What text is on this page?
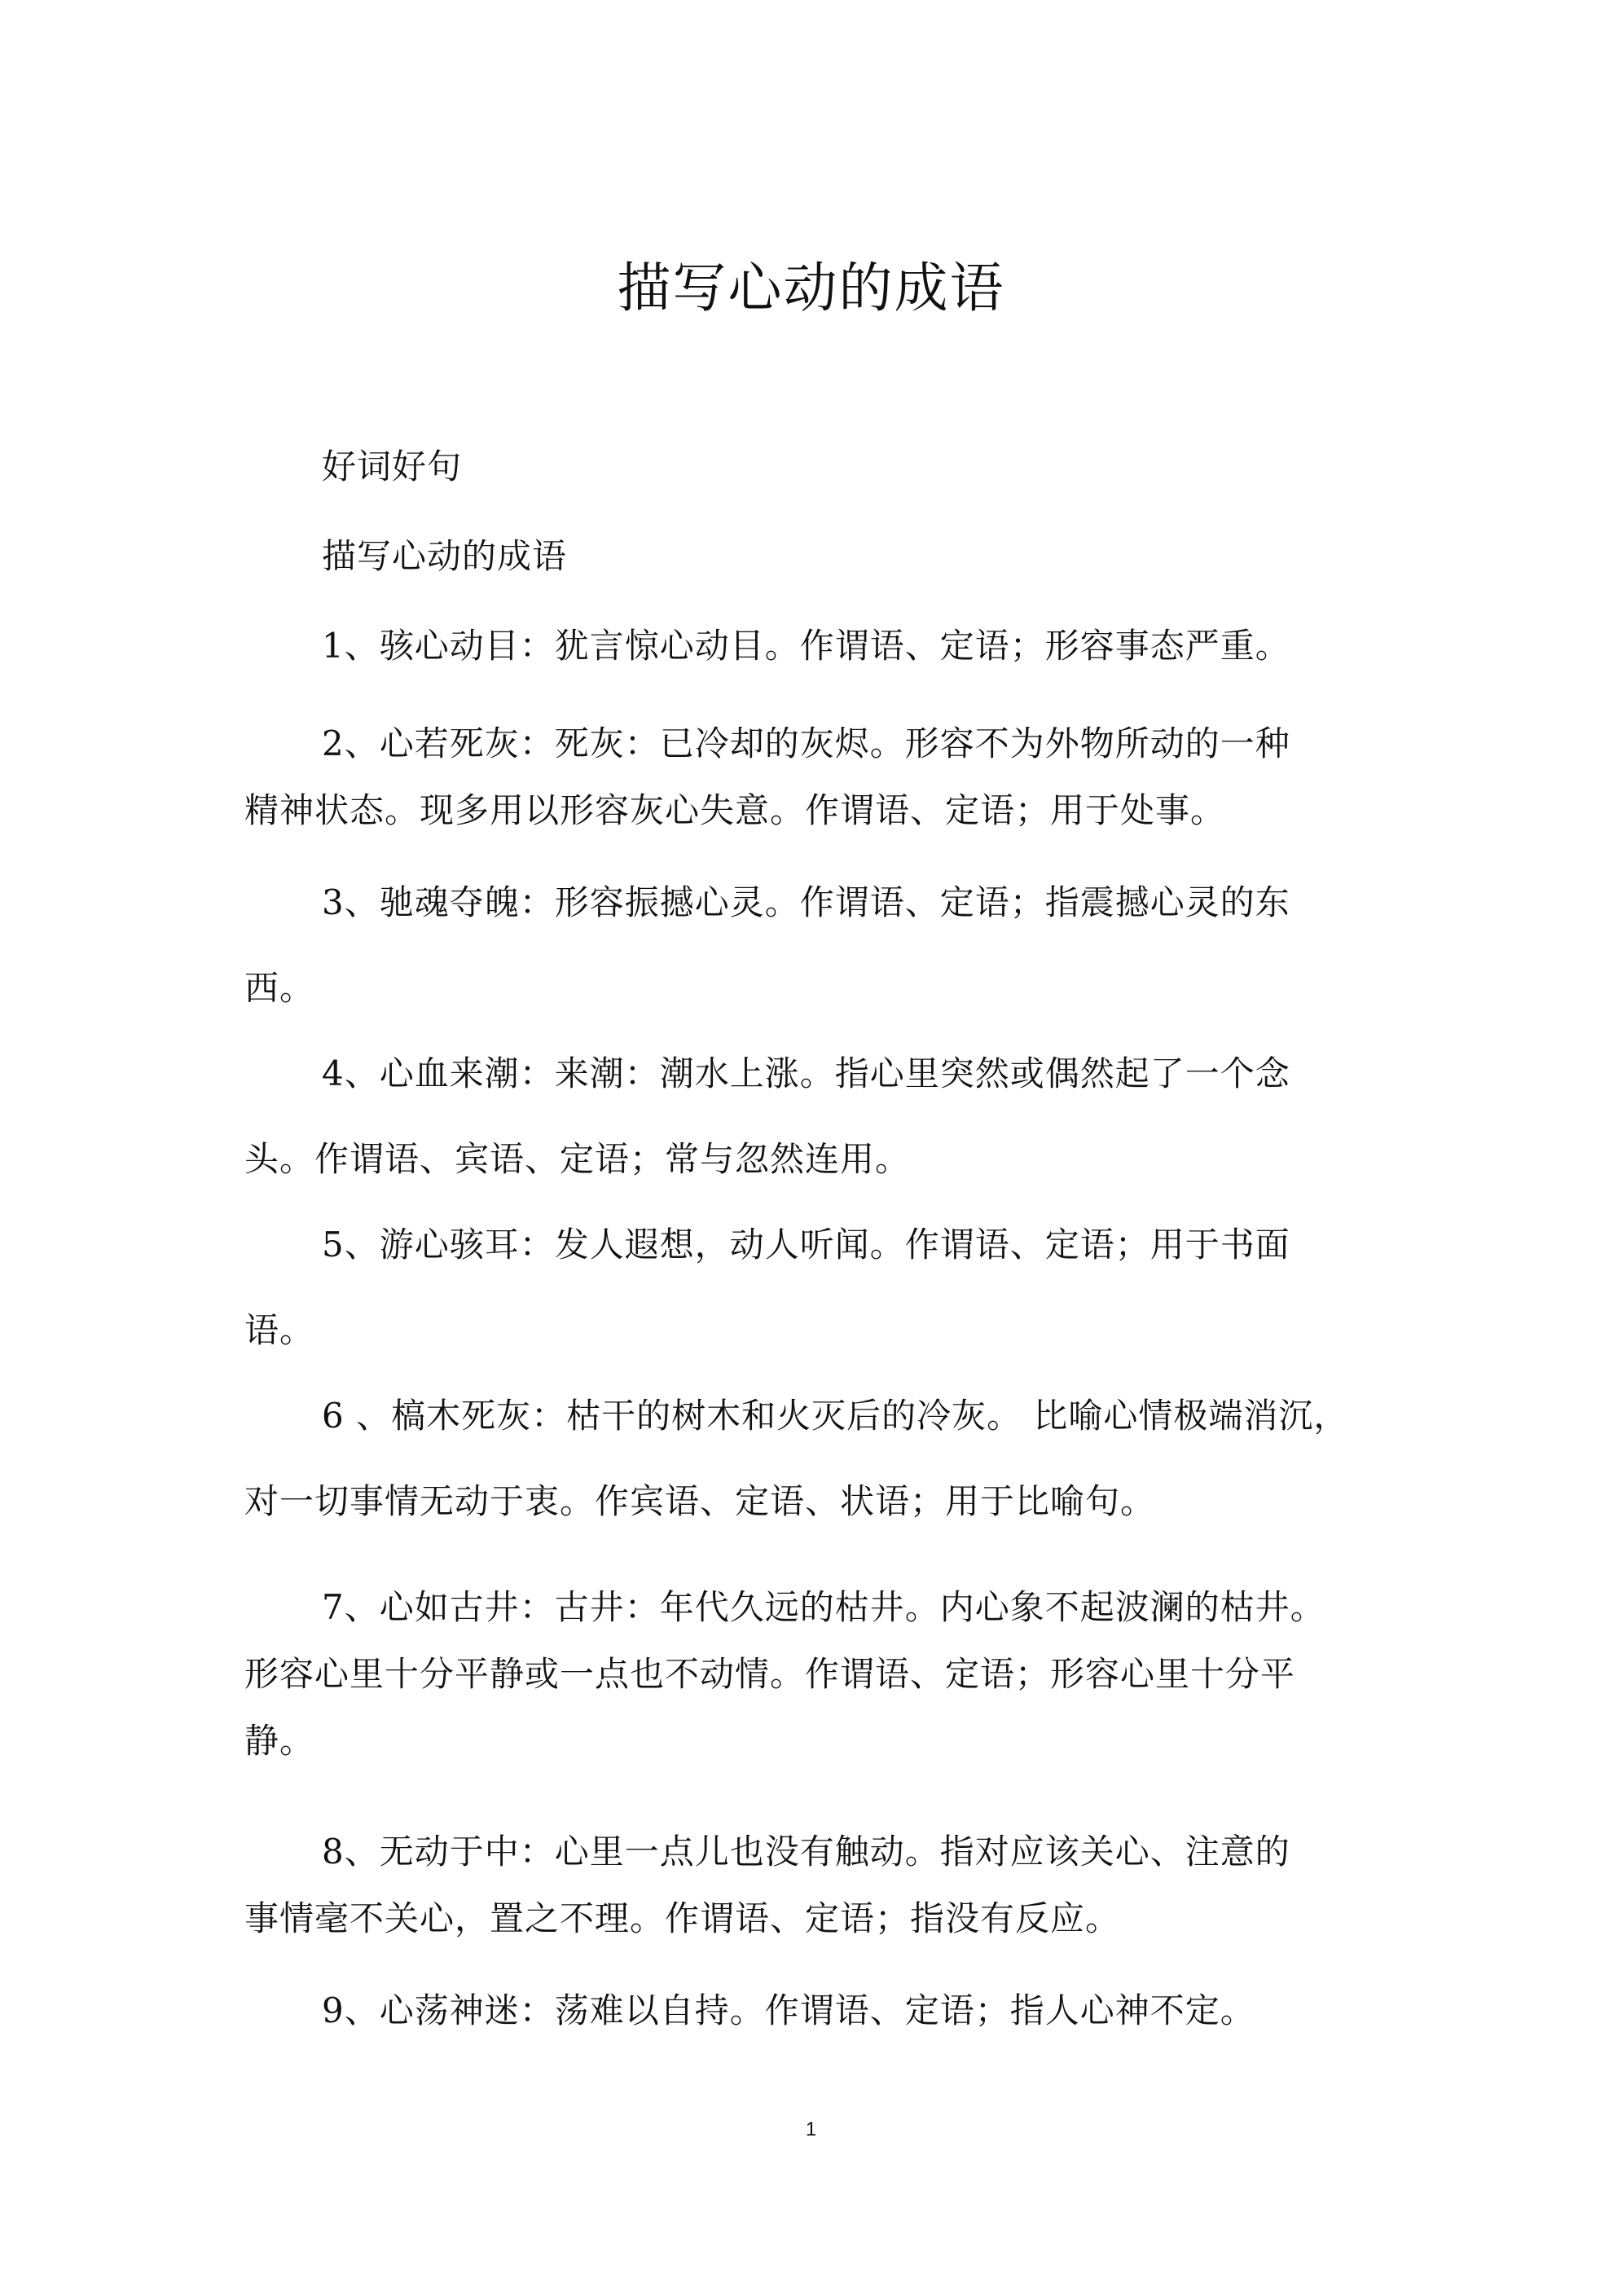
描写心动的成语
好词好句
描写心动的成语
1、骇心动目：犹言惊心动目。作谓语、定语；形容事态严重。
2、心若死灰：死灰：已冷却的灰烬。形容不为外物所动的一种
精神状态。现多用以形容灰心失意。作谓语、定语；用于处事。
3、驰魂夺魄：形容振撼心灵。作谓语、定语；指震撼心灵的东
西。
4、心血来潮：来潮：潮水上涨。指心里突然或偶然起了一个念
头。作谓语、宾语、定语；常与忽然连用。
5、游心骇耳：发人遐想，动人听闻。作谓语、定语；用于书面
语。
6 、槁木死灰：枯干的树木和火灭后的冷灰。 比喻心情极端消沉，
对一切事情无动于衷。作宾语、定语、状语；用于比喻句。
7、心如古井：古井：年代久远的枯井。内心象不起波澜的枯井。
形容心里十分平静或一点也不动情。作谓语、定语；形容心里十分平
静。
8、无动于中：心里一点儿也没有触动。指对应该关心、注意的
事情毫不关心，置之不理。作谓语、定语；指没有反应。
9、心荡神迷：荡难以自持。作谓语、定语；指人心神不定。
1
